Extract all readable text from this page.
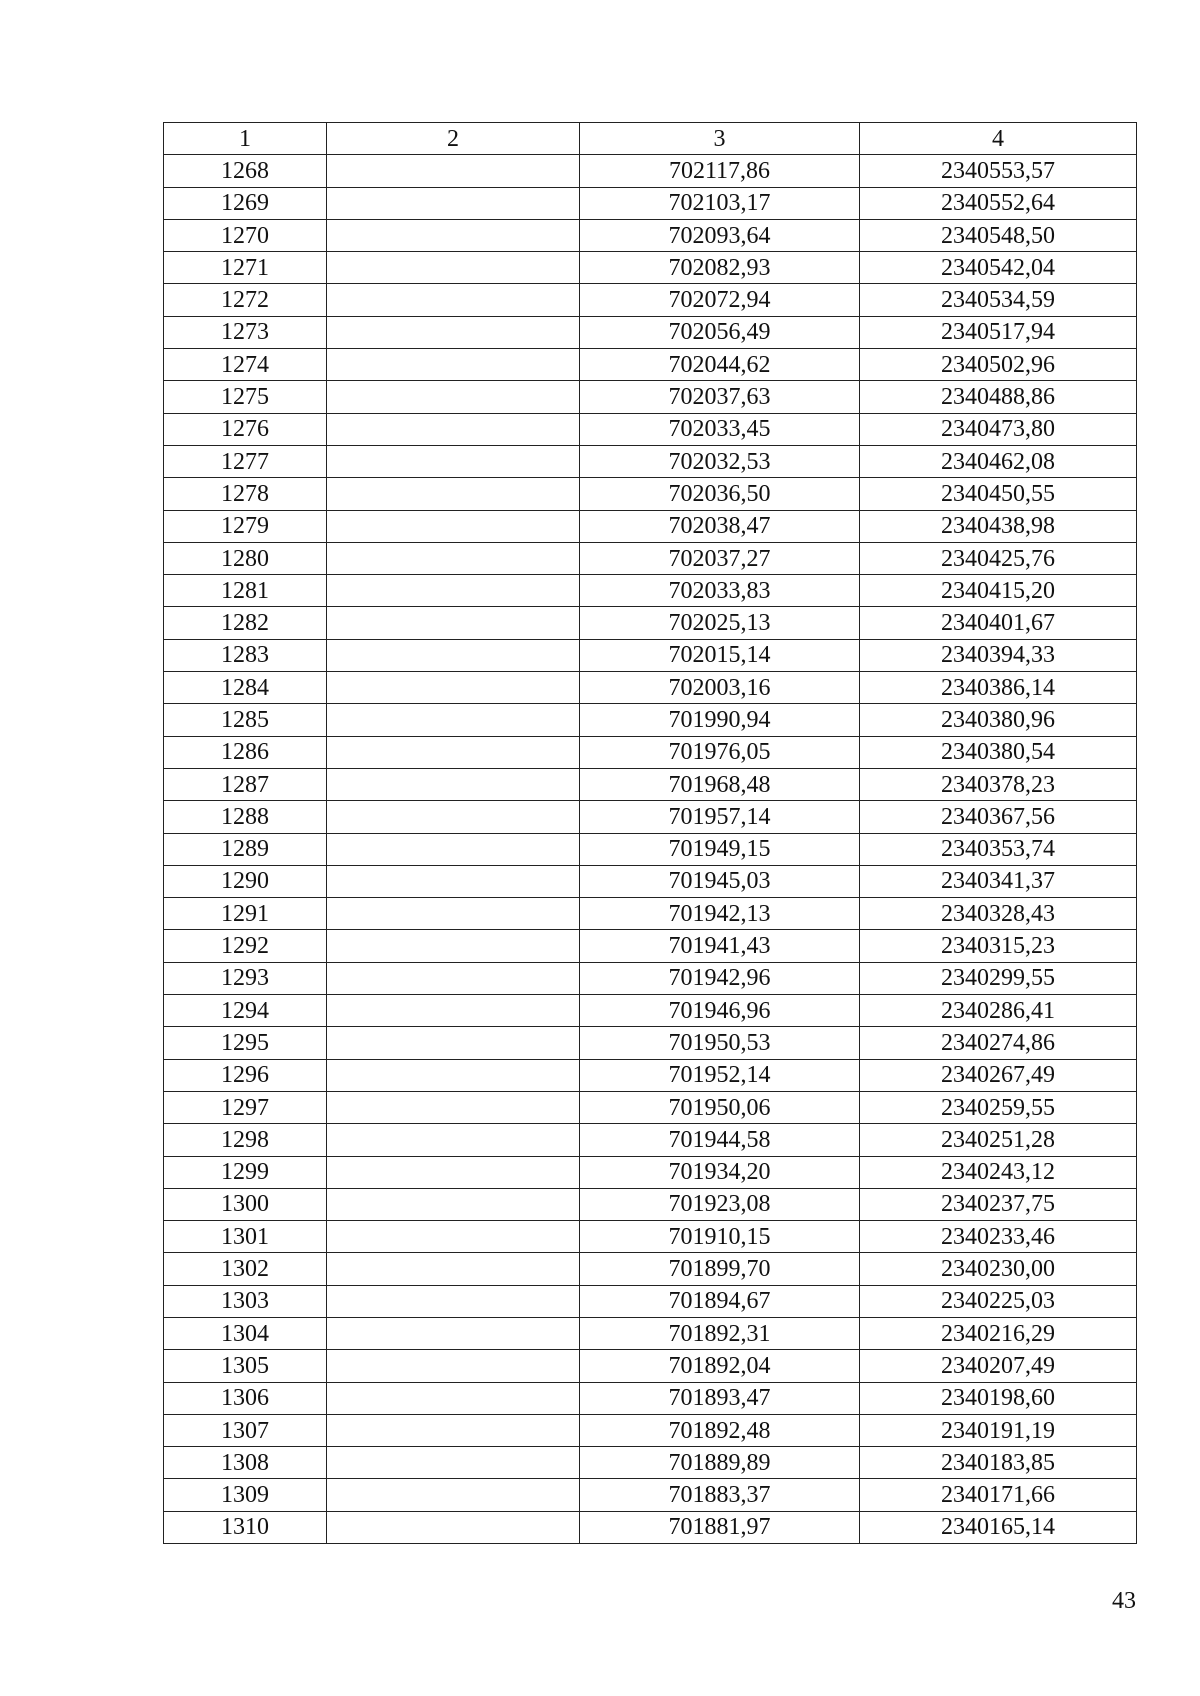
1	2	3	4
1268		702117,86	2340553,57
1269		702103,17	2340552,64
1270		702093,64	2340548,50
1271		702082,93	2340542,04
1272		702072,94	2340534,59
1273		702056,49	2340517,94
1274		702044,62	2340502,96
1275		702037,63	2340488,86
1276		702033,45	2340473,80
1277		702032,53	2340462,08
1278		702036,50	2340450,55
1279		702038,47	2340438,98
1280		702037,27	2340425,76
1281		702033,83	2340415,20
1282		702025,13	2340401,67
1283		702015,14	2340394,33
1284		702003,16	2340386,14
1285		701990,94	2340380,96
1286		701976,05	2340380,54
1287		701968,48	2340378,23
1288		701957,14	2340367,56
1289		701949,15	2340353,74
1290		701945,03	2340341,37
1291		701942,13	2340328,43
1292		701941,43	2340315,23
1293		701942,96	2340299,55
1294		701946,96	2340286,41
1295		701950,53	2340274,86
1296		701952,14	2340267,49
1297		701950,06	2340259,55
1298		701944,58	2340251,28
1299		701934,20	2340243,12
1300		701923,08	2340237,75
1301		701910,15	2340233,46
1302		701899,70	2340230,00
1303		701894,67	2340225,03
1304		701892,31	2340216,29
1305		701892,04	2340207,49
1306		701893,47	2340198,60
1307		701892,48	2340191,19
1308		701889,89	2340183,85
1309		701883,37	2340171,66
1310		701881,97	2340165,14
43
